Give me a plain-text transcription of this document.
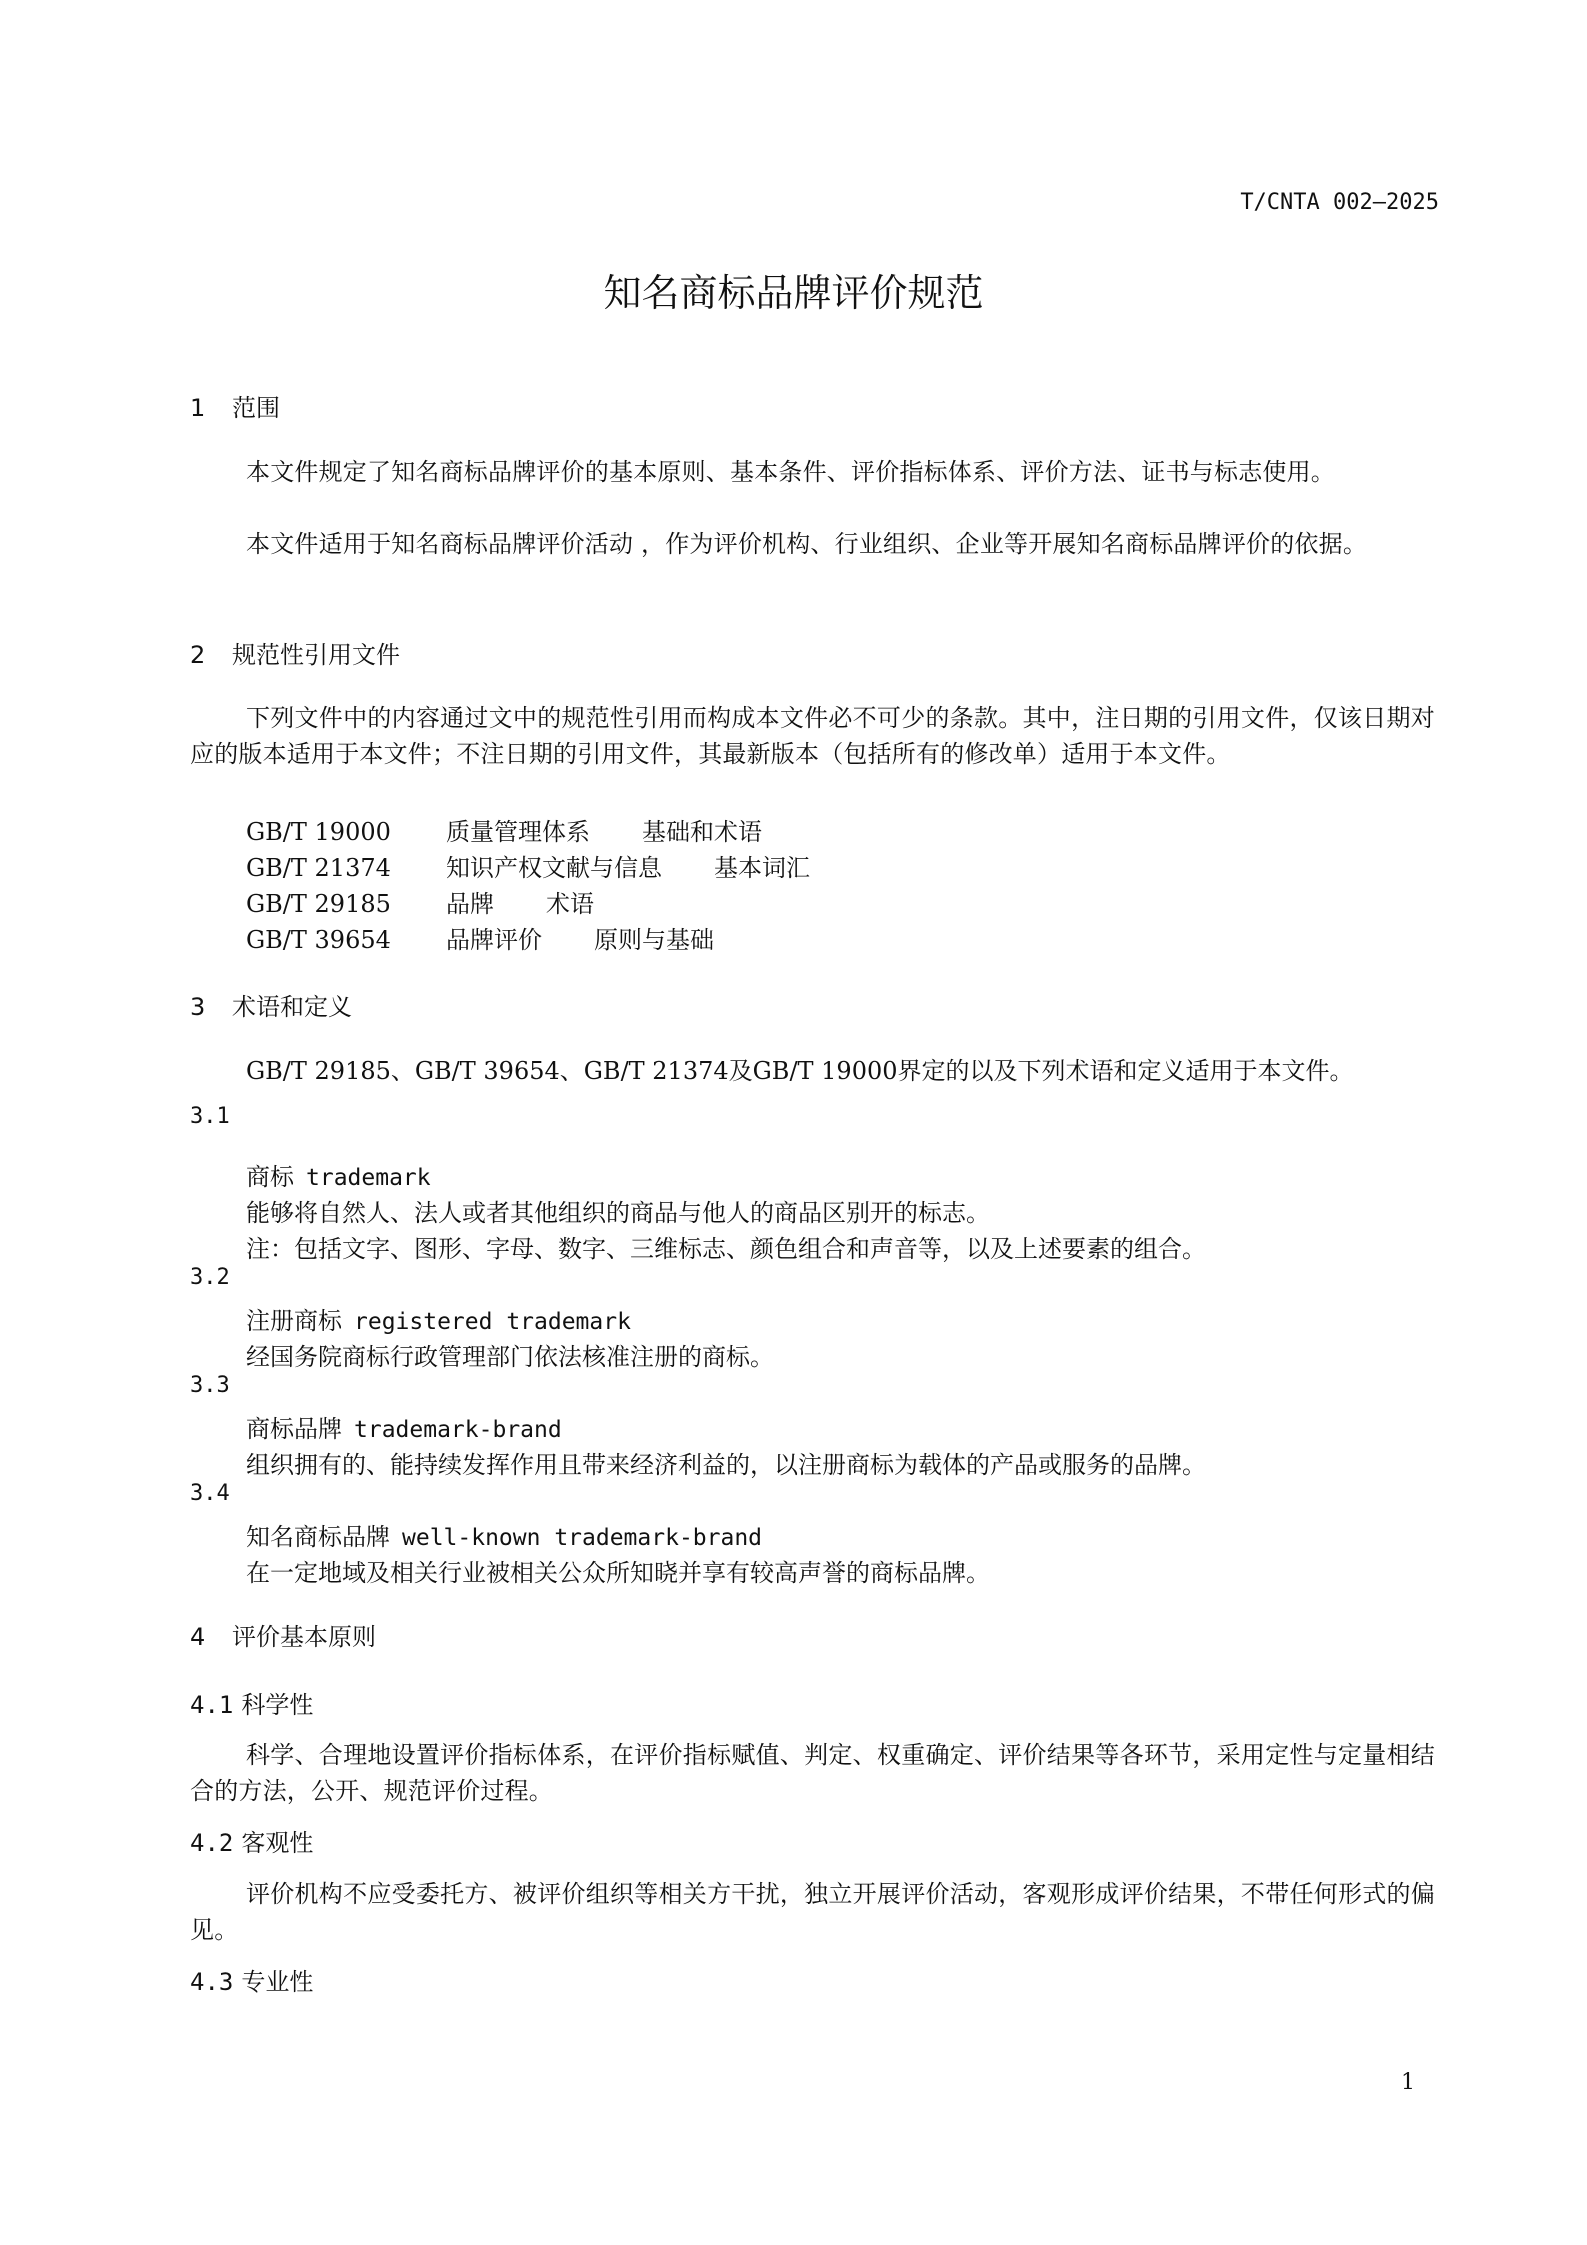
T/CNTA 002—2025
知名商标品牌评价规范
1 范围
本文件规定了知名商标品牌评价的基本原则、基本条件、评价指标体系、评价方法、证书与标志使用。
本文件适用于知名商标品牌评价活动 ，作为评价机构、行业组织、企业等开展知名商标品牌评价的依据。
2 规范性引用文件
下列文件中的内容通过文中的规范性引用而构成本文件必不可少的条款。其中，注日期的引用文件，仅该日期对应的版本适用于本文件；不注日期的引用文件，其最新版本（包括所有的修改单）适用于本文件。
GB/T 19000 质量管理体系 基础和术语
GB/T 21374 知识产权文献与信息 基本词汇
GB/T 29185 品牌 术语
GB/T 39654 品牌评价 原则与基础
3 术语和定义
GB/T 29185、GB/T 39654、GB/T 21374及GB/T 19000界定的以及下列术语和定义适用于本文件。
3.1
商标 trademark
能够将自然人、法人或者其他组织的商品与他人的商品区别开的标志。
注：包括文字、图形、字母、数字、三维标志、颜色组合和声音等，以及上述要素的组合。
3.2
注册商标 registered trademark
经国务院商标行政管理部门依法核准注册的商标。
3.3
商标品牌 trademark-brand
组织拥有的、能持续发挥作用且带来经济利益的，以注册商标为载体的产品或服务的品牌。
3.4
知名商标品牌 well-known trademark-brand
在一定地域及相关行业被相关公众所知晓并享有较高声誉的商标品牌。
4 评价基本原则
4.1 科学性
科学、合理地设置评价指标体系，在评价指标赋值、判定、权重确定、评价结果等各环节，采用定性与定量相结合的方法，公开、规范评价过程。
4.2 客观性
评价机构不应受委托方、被评价组织等相关方干扰，独立开展评价活动，客观形成评价结果，不带任何形式的偏见。
4.3 专业性
1
